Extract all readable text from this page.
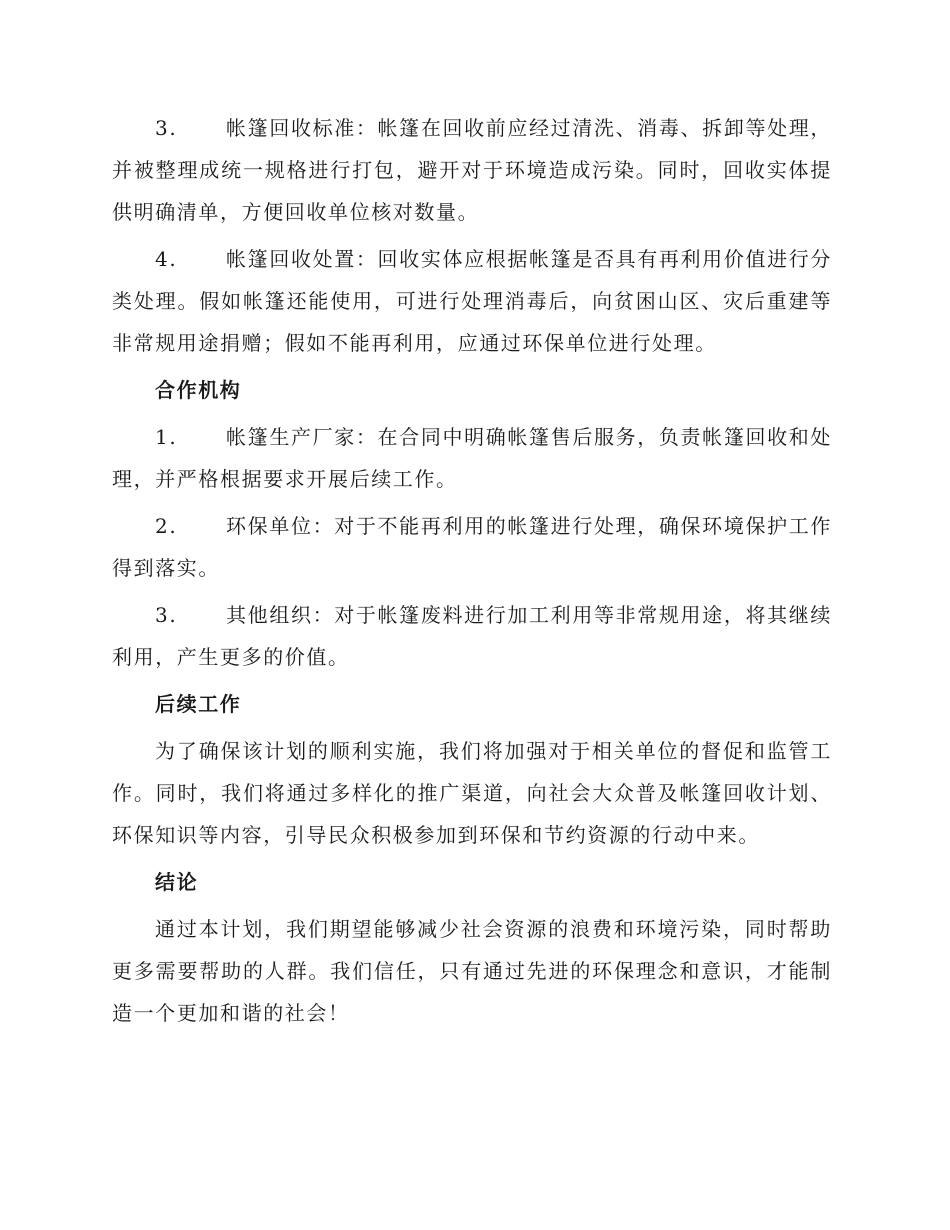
3. 帐篷回收标准：帐篷在回收前应经过清洗、消毒、拆卸等处理，并被整理成统一规格进行打包，避开对于环境造成污染。同时，回收实体提供明确清单，方便回收单位核对数量。

4. 帐篷回收处置：回收实体应根据帐篷是否具有再利用价值进行分类处理。假如帐篷还能使用，可进行处理消毒后，向贫困山区、灾后重建等非常规用途捐赠；假如不能再利用，应通过环保单位进行处理。

合作机构

1. 帐篷生产厂家：在合同中明确帐篷售后服务，负责帐篷回收和处理，并严格根据要求开展后续工作。

2. 环保单位：对于不能再利用的帐篷进行处理，确保环境保护工作得到落实。

3. 其他组织：对于帐篷废料进行加工利用等非常规用途，将其继续利用，产生更多的价值。

后续工作

为了确保该计划的顺利实施，我们将加强对于相关单位的督促和监管工作。同时，我们将通过多样化的推广渠道，向社会大众普及帐篷回收计划、环保知识等内容，引导民众积极参加到环保和节约资源的行动中来。

结论

通过本计划，我们期望能够减少社会资源的浪费和环境污染，同时帮助更多需要帮助的人群。我们信任，只有通过先进的环保理念和意识，才能制造一个更加和谐的社会！
